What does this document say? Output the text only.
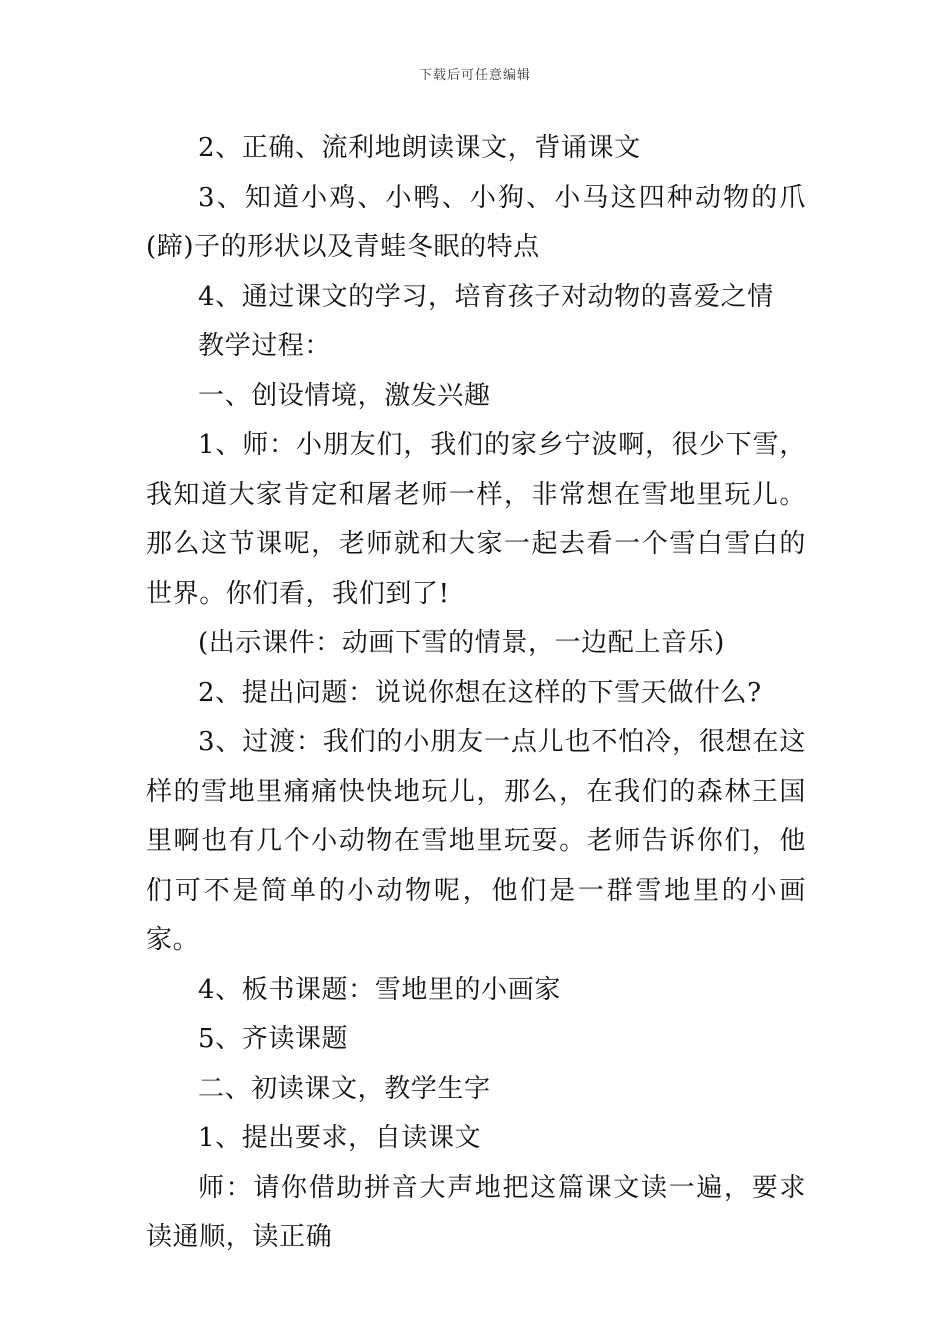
下载后可任意编辑

2、正确、流利地朗读课文，背诵课文

3、知道小鸡、小鸭、小狗、小马这四种动物的爪(蹄)子的形状以及青蛙冬眠的特点

4、通过课文的学习，培育孩子对动物的喜爱之情

教学过程：

一、创设情境，激发兴趣

1、师：小朋友们，我们的家乡宁波啊，很少下雪，我知道大家肯定和屠老师一样，非常想在雪地里玩儿。那么这节课呢，老师就和大家一起去看一个雪白雪白的世界。你们看，我们到了!

(出示课件：动画下雪的情景，一边配上音乐)

2、提出问题：说说你想在这样的下雪天做什么?

3、过渡：我们的小朋友一点儿也不怕冷，很想在这样的雪地里痛痛快快地玩儿，那么，在我们的森林王国里啊也有几个小动物在雪地里玩耍。老师告诉你们，他们可不是简单的小动物呢，他们是一群雪地里的小画家。

4、板书课题：雪地里的小画家

5、齐读课题

二、初读课文，教学生字

1、提出要求，自读课文

师：请你借助拼音大声地把这篇课文读一遍，要求读通顺，读正确
